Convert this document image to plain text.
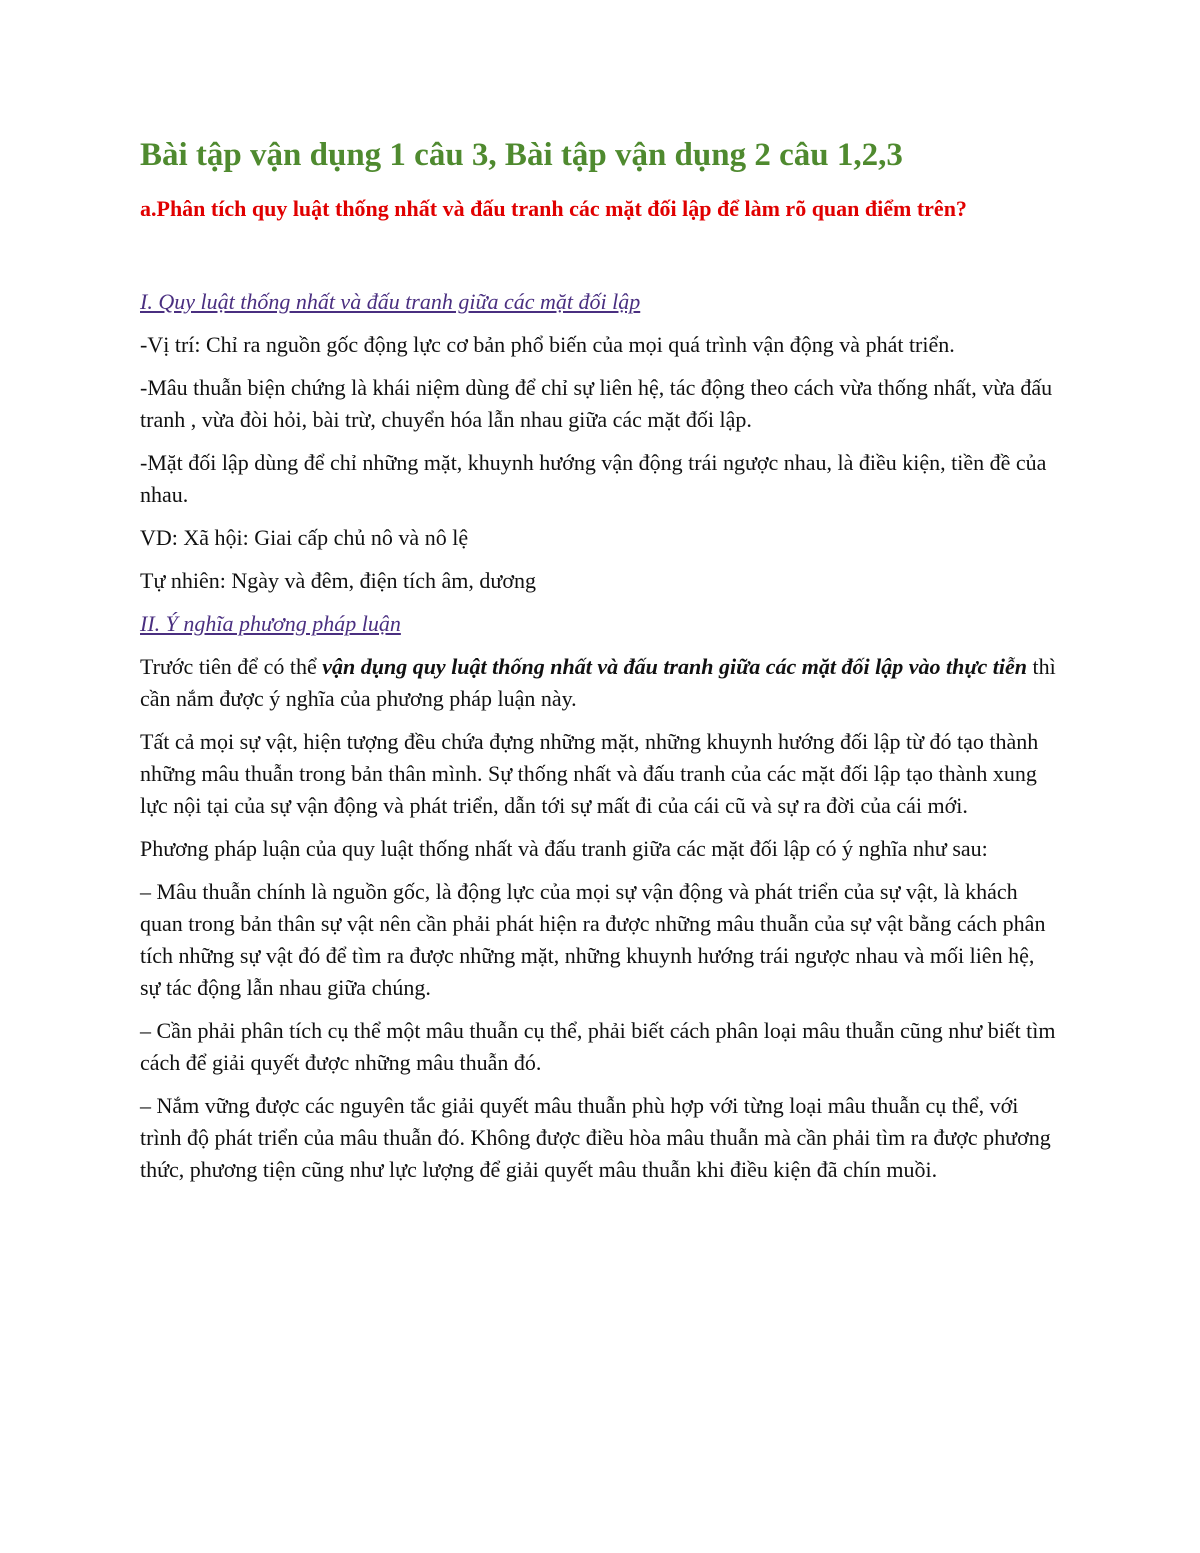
Bài tập vận dụng 1 câu 3, Bài tập vận dụng 2 câu 1,2,3

a.Phân tích quy luật thống nhất và đấu tranh các mặt đối lập để làm rõ quan điểm trên?

I. Quy luật thống nhất và đấu tranh giữa các mặt đối lập

-Vị trí: Chỉ ra nguồn gốc động lực cơ bản phổ biến của mọi quá trình vận động và phát triển.

-Mâu thuẫn biện chứng là khái niệm dùng để chỉ sự liên hệ, tác động theo cách vừa thống nhất, vừa đấu tranh , vừa đòi hỏi, bài trừ, chuyển hóa lẫn nhau giữa các mặt đối lập.

-Mặt đối lập dùng để chỉ những mặt, khuynh hướng vận động trái ngược nhau, là điều kiện, tiền đề của nhau.

VD: Xã hội: Giai cấp chủ nô và nô lệ

Tự nhiên: Ngày và đêm, điện tích âm, dương

II. Ý nghĩa phương pháp luận

Trước tiên để có thể vận dụng quy luật thống nhất và đấu tranh giữa các mặt đối lập vào thực tiễn thì cần nắm được ý nghĩa của phương pháp luận này.

Tất cả mọi sự vật, hiện tượng đều chứa đựng những mặt, những khuynh hướng đối lập từ đó tạo thành những mâu thuẫn trong bản thân mình. Sự thống nhất và đấu tranh của các mặt đối lập tạo thành xung lực nội tại của sự vận động và phát triển, dẫn tới sự mất đi của cái cũ và sự ra đời của cái mới.

Phương pháp luận của quy luật thống nhất và đấu tranh giữa các mặt đối lập có ý nghĩa như sau:

– Mâu thuẫn chính là nguồn gốc, là động lực của mọi sự vận động và phát triển của sự vật, là khách quan trong bản thân sự vật nên cần phải phát hiện ra được những mâu thuẫn của sự vật bằng cách phân tích những sự vật đó để tìm ra được những mặt, những khuynh hướng trái ngược nhau và mối liên hệ, sự tác động lẫn nhau giữa chúng.

– Cần phải phân tích cụ thể một mâu thuẫn cụ thể, phải biết cách phân loại mâu thuẫn cũng như biết tìm cách để giải quyết được những mâu thuẫn đó.

– Nắm vững được các nguyên tắc giải quyết mâu thuẫn phù hợp với từng loại mâu thuẫn cụ thể, với trình độ phát triển của mâu thuẫn đó. Không được điều hòa mâu thuẫn mà cần phải tìm ra được phương thức, phương tiện cũng như lực lượng để giải quyết mâu thuẫn khi điều kiện đã chín muồi.
